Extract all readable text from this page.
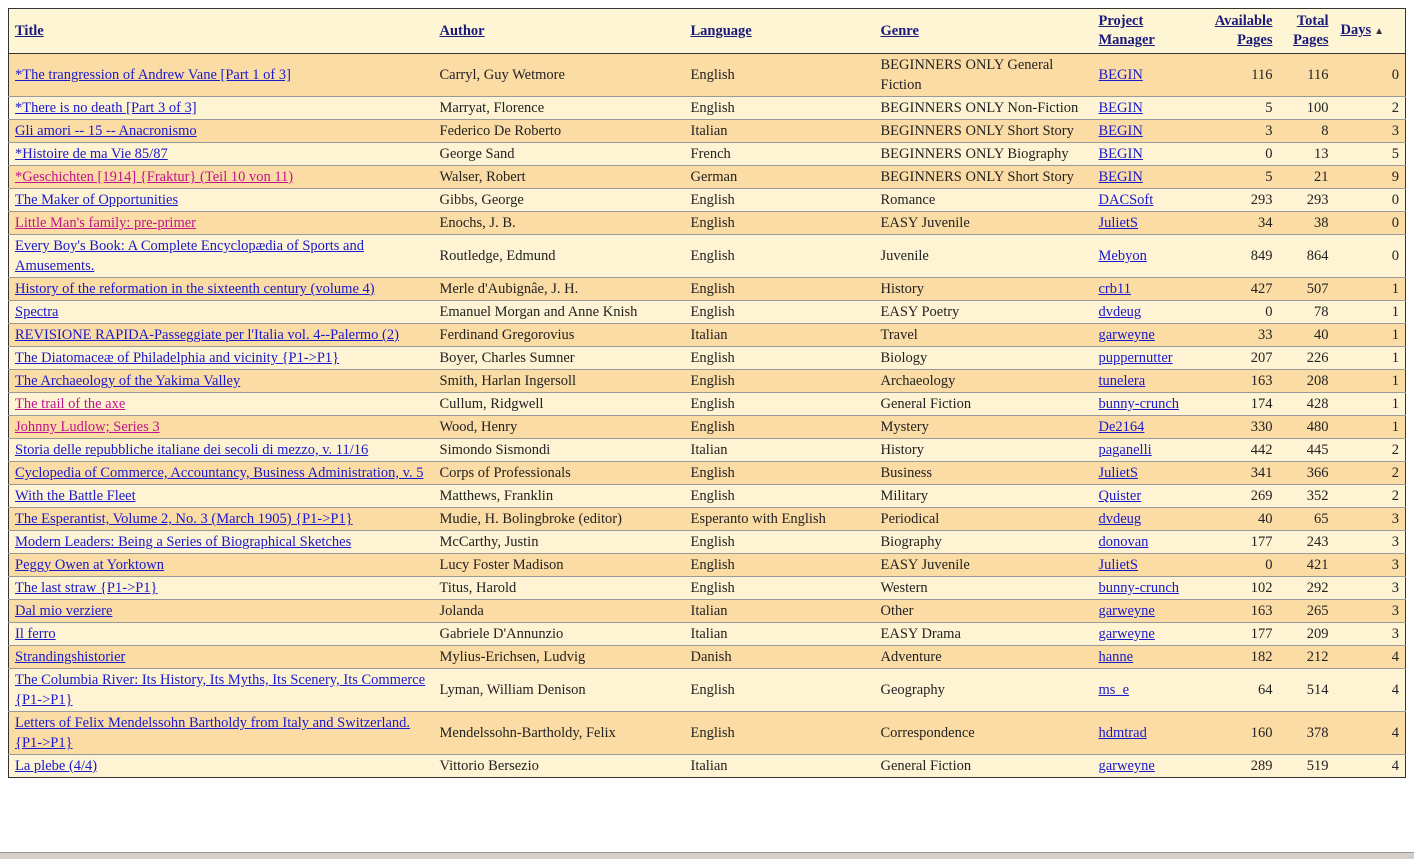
Title	Author	Language	Genre	Project Manager	Available Pages	Total Pages	Days ▲
*The trangression of Andrew Vane [Part 1 of 3]	Carryl, Guy Wetmore	English	BEGINNERS ONLY General Fiction	BEGIN	116	116	0
*There is no death [Part 3 of 3]	Marryat, Florence	English	BEGINNERS ONLY Non-Fiction	BEGIN	5	100	2
Gli amori -- 15 -- Anacronismo	Federico De Roberto	Italian	BEGINNERS ONLY Short Story	BEGIN	3	8	3
*Histoire de ma Vie 85/87	George Sand	French	BEGINNERS ONLY Biography	BEGIN	0	13	5
*Geschichten [1914] {Fraktur} (Teil 10 von 11)	Walser, Robert	German	BEGINNERS ONLY Short Story	BEGIN	5	21	9
The Maker of Opportunities	Gibbs, George	English	Romance	DACSoft	293	293	0
Little Man's family: pre-primer	Enochs, J. B.	English	EASY Juvenile	JulietS	34	38	0
Every Boy's Book: A Complete Encyclopædia of Sports and Amusements.	Routledge, Edmund	English	Juvenile	Mebyon	849	864	0
History of the reformation in the sixteenth century (volume 4)	Merle d'Aubignâe, J. H.	English	History	crb11	427	507	1
Spectra	Emanuel Morgan and Anne Knish	English	EASY Poetry	dvdeug	0	78	1
REVISIONE RAPIDA-Passeggiate per l'Italia vol. 4--Palermo (2)	Ferdinand Gregorovius	Italian	Travel	garweyne	33	40	1
The Diatomaceæ of Philadelphia and vicinity {P1->P1}	Boyer, Charles Sumner	English	Biology	puppernutter	207	226	1
The Archaeology of the Yakima Valley	Smith, Harlan Ingersoll	English	Archaeology	tunelera	163	208	1
The trail of the axe	Cullum, Ridgwell	English	General Fiction	bunny-crunch	174	428	1
Johnny Ludlow; Series 3	Wood, Henry	English	Mystery	De2164	330	480	1
Storia delle repubbliche italiane dei secoli di mezzo, v. 11/16	Simondo Sismondi	Italian	History	paganelli	442	445	2
Cyclopedia of Commerce, Accountancy, Business Administration, v. 5	Corps of Professionals	English	Business	JulietS	341	366	2
With the Battle Fleet	Matthews, Franklin	English	Military	Quister	269	352	2
The Esperantist, Volume 2, No. 3 (March 1905) {P1->P1}	Mudie, H. Bolingbroke (editor)	Esperanto with English	Periodical	dvdeug	40	65	3
Modern Leaders: Being a Series of Biographical Sketches	McCarthy, Justin	English	Biography	donovan	177	243	3
Peggy Owen at Yorktown	Lucy Foster Madison	English	EASY Juvenile	JulietS	0	421	3
The last straw {P1->P1}	Titus, Harold	English	Western	bunny-crunch	102	292	3
Dal mio verziere	Jolanda	Italian	Other	garweyne	163	265	3
Il ferro	Gabriele D'Annunzio	Italian	EASY Drama	garweyne	177	209	3
Strandingshistorier	Mylius-Erichsen, Ludvig	Danish	Adventure	hanne	182	212	4
The Columbia River: Its History, Its Myths, Its Scenery, Its Commerce {P1->P1}	Lyman, William Denison	English	Geography	ms_e	64	514	4
Letters of Felix Mendelssohn Bartholdy from Italy and Switzerland. {P1->P1}	Mendelssohn-Bartholdy, Felix	English	Correspondence	hdmtrad	160	378	4
La plebe (4/4)	Vittorio Bersezio	Italian	General Fiction	garweyne	289	519	4
